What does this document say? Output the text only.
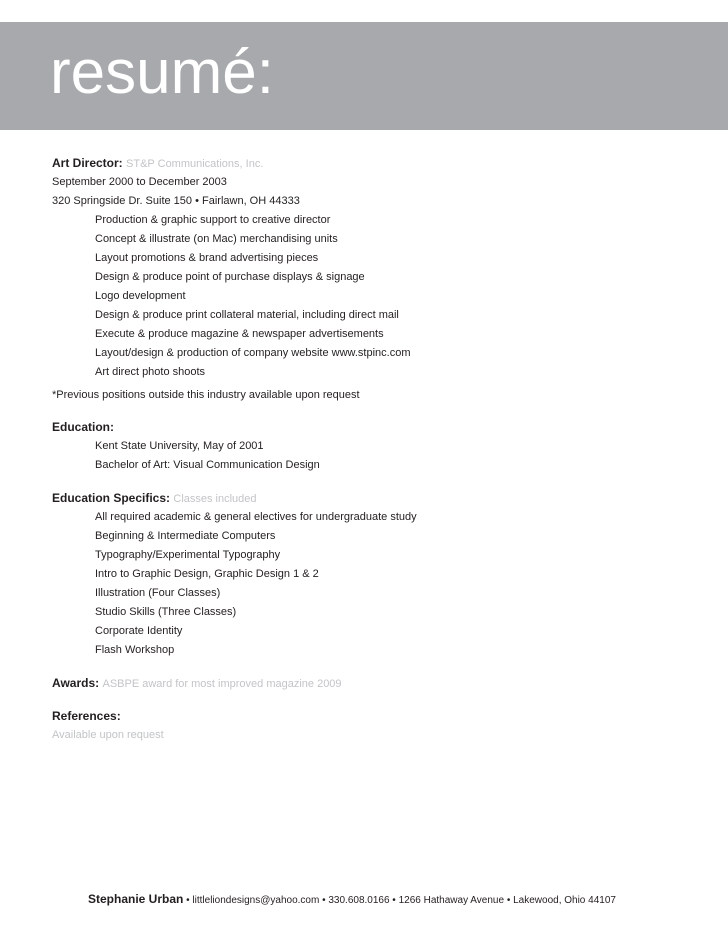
resumé:
Art Director: ST&P Communications, Inc.
September 2000 to December 2003
320 Springside Dr. Suite 150 • Fairlawn, OH 44333
Production & graphic support to creative director
Concept & illustrate (on Mac) merchandising units
Layout promotions & brand advertising pieces
Design & produce point of purchase displays & signage
Logo development
Design & produce print collateral material, including direct mail
Execute & produce magazine & newspaper advertisements
Layout/design & production of company website www.stpinc.com
Art direct photo shoots
*Previous positions outside this industry available upon request
Education:
Kent State University, May of 2001
Bachelor of Art: Visual Communication Design
Education Specifics: Classes included
All required academic & general electives for undergraduate study
Beginning & Intermediate Computers
Typography/Experimental Typography
Intro to Graphic Design, Graphic Design 1 & 2
Illustration (Four Classes)
Studio Skills (Three Classes)
Corporate Identity
Flash Workshop
Awards: ASBPE award for most improved magazine 2009
References:
Available upon request
Stephanie Urban • littleliondesigns@yahoo.com • 330.608.0166 • 1266 Hathaway Avenue • Lakewood, Ohio 44107
